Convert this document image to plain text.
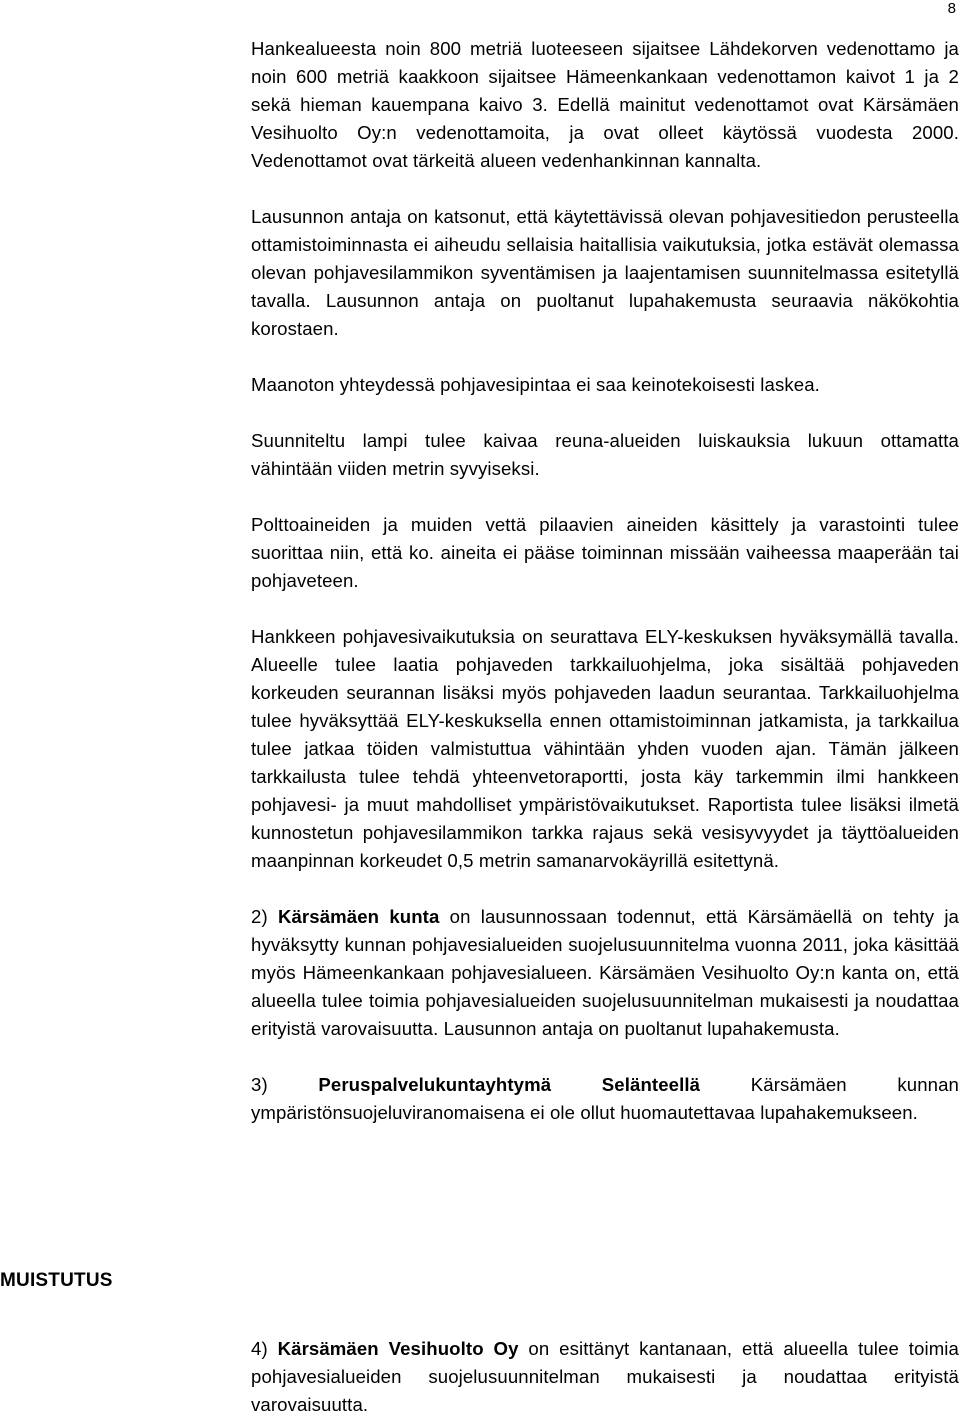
8

Hankealueesta noin 800 metriä luoteeseen sijaitsee Lähdekorven vedenottamo ja noin 600 metriä kaakkoon sijaitsee Hämeenkankaan vedenottamon kaivot 1 ja 2 sekä hieman kauempana kaivo 3. Edellä mainitut vedenottamot ovat Kärsämäen Vesihuolto Oy:n vedenottamoita, ja ovat olleet käytössä vuodesta 2000. Vedenottamot ovat tärkeitä alueen vedenhankinnan kannalta.

Lausunnon antaja on katsonut, että käytettävissä olevan pohjavesitiedon perusteella ottamistoiminnasta ei aiheudu sellaisia haitallisia vaikutuksia, jotka estävät olemassa olevan pohjavesilammikon syventämisen ja laajentamisen suunnitelmassa esitetyllä tavalla. Lausunnon antaja on puoltanut lupahakemusta seuraavia näkökohtia korostaen.

Maanoton yhteydessä pohjavesipintaa ei saa keinotekoisesti laskea.

Suunniteltu lampi tulee kaivaa reuna-alueiden luiskauksia lukuun ottamatta vähintään viiden metrin syvyiseksi.

Polttoaineiden ja muiden vettä pilaavien aineiden käsittely ja varastointi tulee suorittaa niin, että ko. aineita ei pääse toiminnan missään vaiheessa maaperään tai pohjaveteen.

Hankkeen pohjavesivaikutuksia on seurattava ELY-keskuksen hyväksymällä tavalla. Alueelle tulee laatia pohjaveden tarkkailuohjelma, joka sisältää pohjaveden korkeuden seurannan lisäksi myös pohjaveden laadun seurantaa. Tarkkailuohjelma tulee hyväksyttää ELY-keskuksella ennen ottamistoiminnan jatkamista, ja tarkkailua tulee jatkaa töiden valmistuttua vähintään yhden vuoden ajan. Tämän jälkeen tarkkailusta tulee tehdä yhteenvetoraportti, josta käy tarkemmin ilmi hankkeen pohjavesi- ja muut mahdolliset ympäristövaikutukset. Raportista tulee lisäksi ilmetä kunnostetun pohjavesilammikon tarkka rajaus sekä vesisyvyydet ja täyttöalueiden maanpinnan korkeudet 0,5 metrin samanarvokäyrillä esitettynä.

2) Kärsämäen kunta on lausunnossaan todennut, että Kärsämäellä on tehty ja hyväksytty kunnan pohjavesialueiden suojelusuunnitelma vuonna 2011, joka käsittää myös Hämeenkankaan pohjavesialueen. Kärsämäen Vesihuolto Oy:n kanta on, että alueella tulee toimia pohjavesialueiden suojelusuunnitelman mukaisesti ja noudattaa erityistä varovaisuutta. Lausunnon antaja on puoltanut lupahakemusta.

3)	Peruspalvelukuntayhtymä Selänteellä	Kärsämäen kunnan ympäristönsuojeluviranomaisena ei ole ollut huomautettavaa lupahakemukseen.

MUISTUTUS

4) Kärsämäen Vesihuolto Oy on esittänyt kantanaan, että alueella tulee toimia pohjavesialueiden suojelusuunnitelman mukaisesti ja noudattaa erityistä varovaisuutta.
